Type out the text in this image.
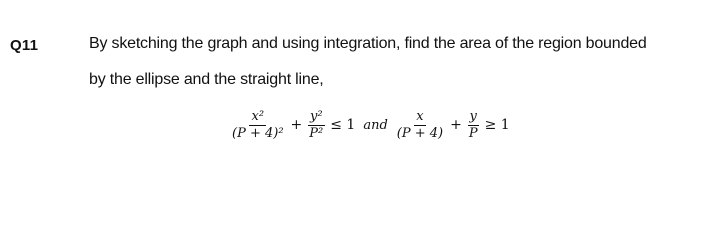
Q11	By sketching the graph and using integration, find the area of the region bounded
by the ellipse and the straight line,
$\frac{\text{x²}}{\text{(P + 4)²}} + \frac{\text{y²}}{\text{P²}} \le 1$ and $\frac{x}{(P + 4)} + \frac{y}{P} \ge 1$
